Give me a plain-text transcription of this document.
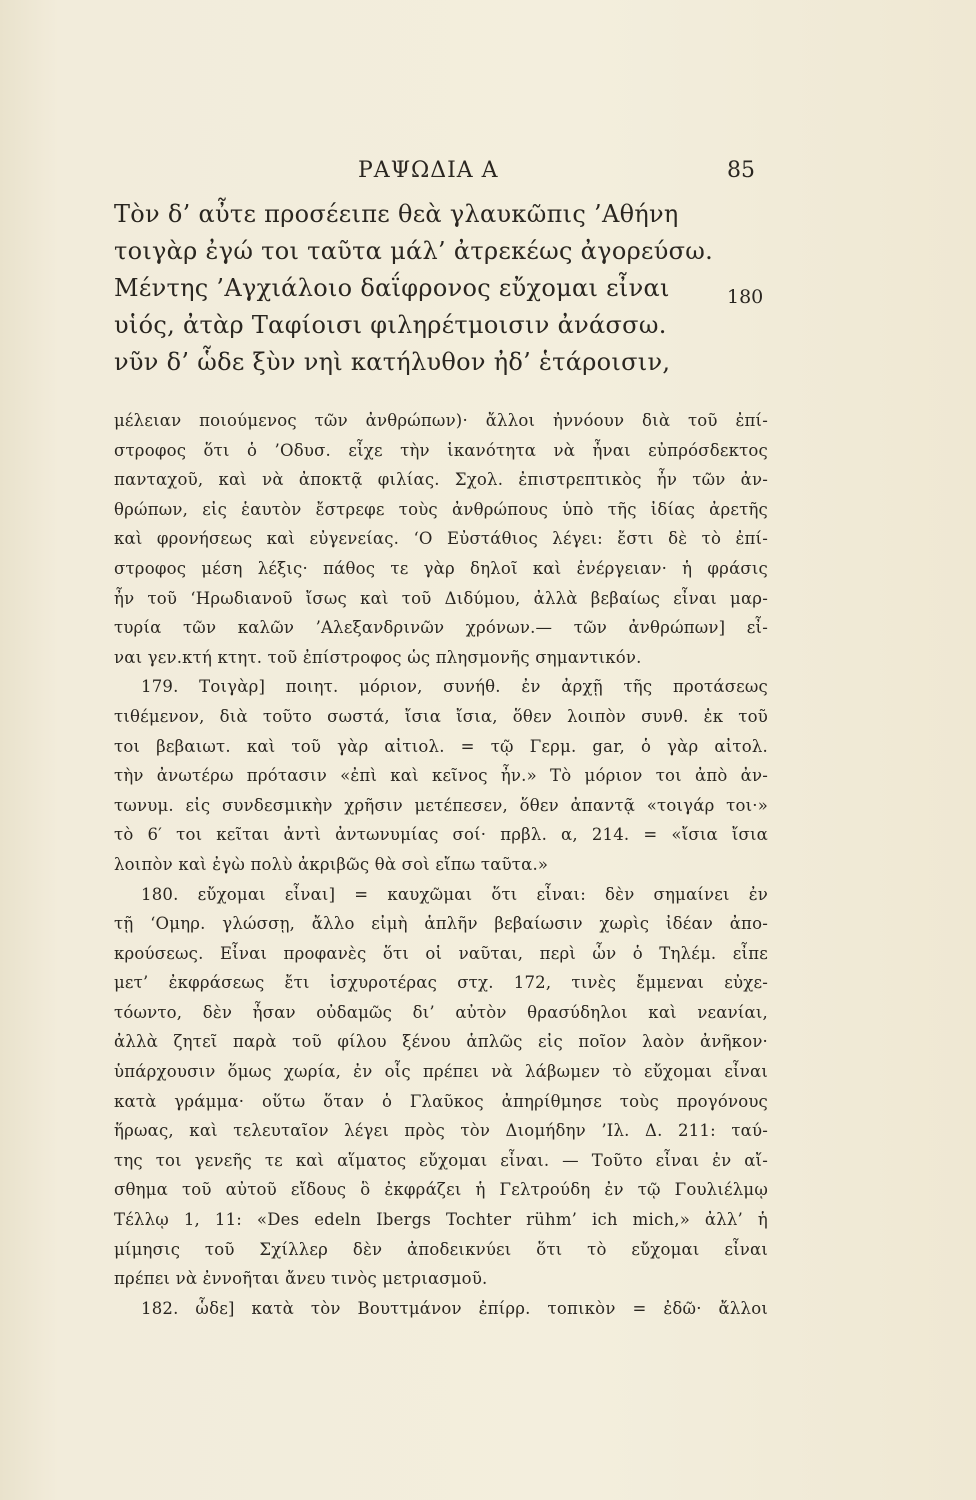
ΡΑΨΩΔΙΑ Α	85
Τὸν δ’ αὖτε προσέειπε θεὰ γλαυκῶπις ’Αθήνη
τοιγὰρ ἐγώ τοι ταῦτα μάλ’ ἀτρεκέως ἀγορεύσω.
Μέντης ’Αγχιάλοιο δαΐφρονος εὔχομαι εἶναι
υἱός, ἀτὰρ Ταφίοισι φιληρέτμοισιν ἀνάσσω.
νῦν δ’ ὧδε ξὺν νηὶ κατήλυθον ἠδ’ ἑτάροισιν,
180
μέλειαν ποιούμενος τῶν ἀνθρώπων)· ἄλλοι ἠννόουν διὰ τοῦ ἐπί-
στροφος ὅτι ὁ ’Οδυσ. εἶχε τὴν ἱκανότητα νὰ ἦναι εὐπρόσδεκτος
πανταχοῦ, καὶ νὰ ἀποκτᾷ φιλίας. Σχολ. ἐπιστρεπτικὸς ἦν τῶν ἀν-
θρώπων, εἰς ἑαυτὸν ἔστρεφε τοὺς ἀνθρώπους ὑπὸ τῆς ἰδίας ἀρετῆς
καὶ φρονήσεως καὶ εὐγενείας. ‘Ο Εὐστάθιος λέγει: ἔστι δὲ τὸ ἐπί-
στροφος μέση λέξις· πάθος τε γὰρ δηλοῖ καὶ ἐνέργειαν· ἡ φράσις
ἦν τοῦ ‘Ηρωδιανοῦ ἴσως καὶ τοῦ Διδύμου, ἀλλὰ βεβαίως εἶναι μαρ-
τυρία τῶν καλῶν ’Αλεξανδρινῶν χρόνων.— τῶν ἀνθρώπων] εἶ-
ναι γεν.κτή κτητ. τοῦ ἐπίστροφος ὡς πλησμονῆς σημαντικόν.
179. Τοιγὰρ] ποιητ. μόριον, συνήθ. ἐν ἀρχῇ τῆς προτάσεως
τιθέμενον, διὰ τοῦτο σωστά, ἴσια ἴσια, ὅθεν λοιπὸν συνθ. ἐκ τοῦ
τοι βεβαιωτ. καὶ τοῦ γὰρ αἰτιολ. = τῷ Γερμ. gar, ὁ γὰρ αἰτολ.
τὴν ἀνωτέρω πρότασιν «ἐπὶ καὶ κεῖνος ἦν.» Τὸ μόριον τοι ἀπὸ ἀν-
τωνυμ. εἰς συνδεσμικὴν χρῆσιν μετέπεσεν, ὅθεν ἀπαντᾷ «τοιγάρ τοι·»
τὸ 6′ τοι κεῖται ἀντὶ ἀντωνυμίας σοί· πρβλ. α, 214. = «ἴσια ἴσια
λοιπὸν καὶ ἐγὼ πολὺ ἀκριβῶς θὰ σοὶ εἴπω ταῦτα.»
180. εὔχομαι εἶναι] = καυχῶμαι ὅτι εἶναι: δὲν σημαίνει ἐν
τῇ ‘Ομηρ. γλώσσῃ, ἄλλο εἰμὴ ἁπλῆν βεβαίωσιν χωρὶς ἰδέαν ἀπο-
κρούσεως. Εἶναι προφανὲς ὅτι οἱ ναῦται, περὶ ὧν ὁ Τηλέμ. εἶπε
μετ’ ἐκφράσεως ἔτι ἰσχυροτέρας στχ. 172, τινὲς ἔμμεναι εὐχε-
τόωντο, δὲν ἦσαν οὐδαμῶς δι’ αὐτὸν θρασύδηλοι καὶ νεανίαι,
ἀλλὰ ζητεῖ παρὰ τοῦ φίλου ξένου ἁπλῶς εἰς ποῖον λαὸν ἀνῆκον·
ὑπάρχουσιν ὅμως χωρία, ἐν οἷς πρέπει νὰ λάβωμεν τὸ εὔχομαι εἶναι
κατὰ γράμμα· οὕτω ὅταν ὁ Γλαῦκος ἀπηρίθμησε τοὺς προγόνους
ἥρωας, καὶ τελευταῖον λέγει πρὸς τὸν Διομήδην ’Ιλ. Δ. 211: ταύ-
της τοι γενεῆς τε καὶ αἵματος εὔχομαι εἶναι. — Τοῦτο εἶναι ἐν αἴ-
σθημα τοῦ αὐτοῦ εἴδους ὃ ἐκφράζει ἡ Γελτρούδη ἐν τῷ Γουλιέλμῳ
Τέλλῳ 1, 11: «Des edeln Ibergs Tochter rühm’ ich mich,» ἀλλ’ ἡ
μίμησις τοῦ Σχίλλερ δὲν ἀποδεικνύει ὅτι τὸ εὔχομαι εἶναι
πρέπει νὰ ἐννοῆται ἄνευ τινὸς μετριασμοῦ.
182. ὧδε] κατὰ τὸν Βουττμάνον ἐπίρρ. τοπικὸν = ἐδῶ· ἄλλοι
